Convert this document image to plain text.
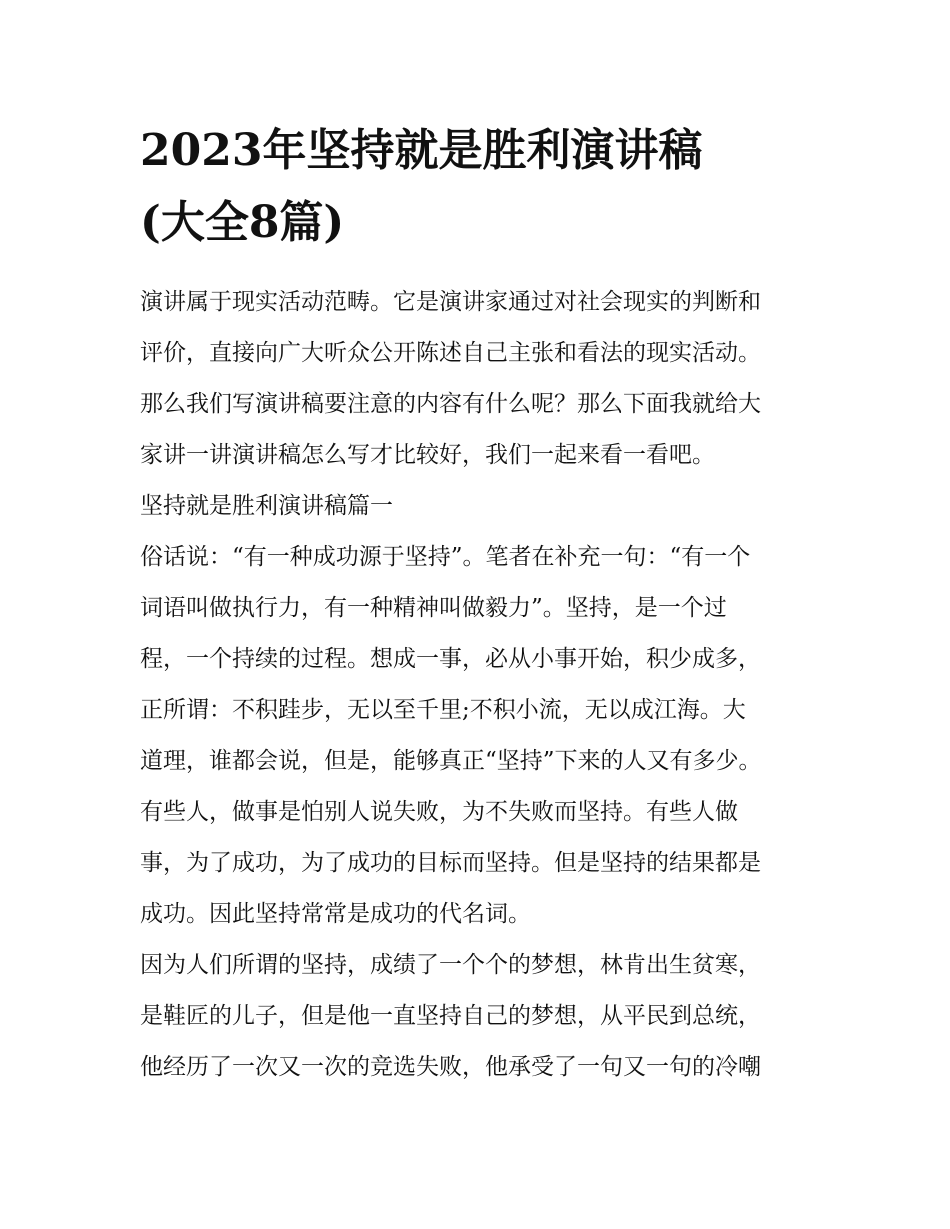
2023年坚持就是胜利演讲稿
(大全8篇)

演讲属于现实活动范畴。它是演讲家通过对社会现实的判断和
评价，直接向广大听众公开陈述自己主张和看法的现实活动。
那么我们写演讲稿要注意的内容有什么呢？那么下面我就给大
家讲一讲演讲稿怎么写才比较好，我们一起来看一看吧。

坚持就是胜利演讲稿篇一

俗话说：“有一种成功源于坚持”。笔者在补充一句：“有一个
词语叫做执行力，有一种精神叫做毅力”。坚持，是一个过
程，一个持续的过程。想成一事，必从小事开始，积少成多，
正所谓：不积跬步，无以至千里;不积小流，无以成江海。大
道理，谁都会说，但是，能够真正“坚持”下来的人又有多少。
有些人，做事是怕别人说失败，为不失败而坚持。有些人做
事，为了成功，为了成功的目标而坚持。但是坚持的结果都是
成功。因此坚持常常是成功的代名词。

因为人们所谓的坚持，成绩了一个个的梦想，林肯出生贫寒，
是鞋匠的儿子，但是他一直坚持自己的梦想，从平民到总统，
他经历了一次又一次的竞选失败，他承受了一句又一句的冷嘲
